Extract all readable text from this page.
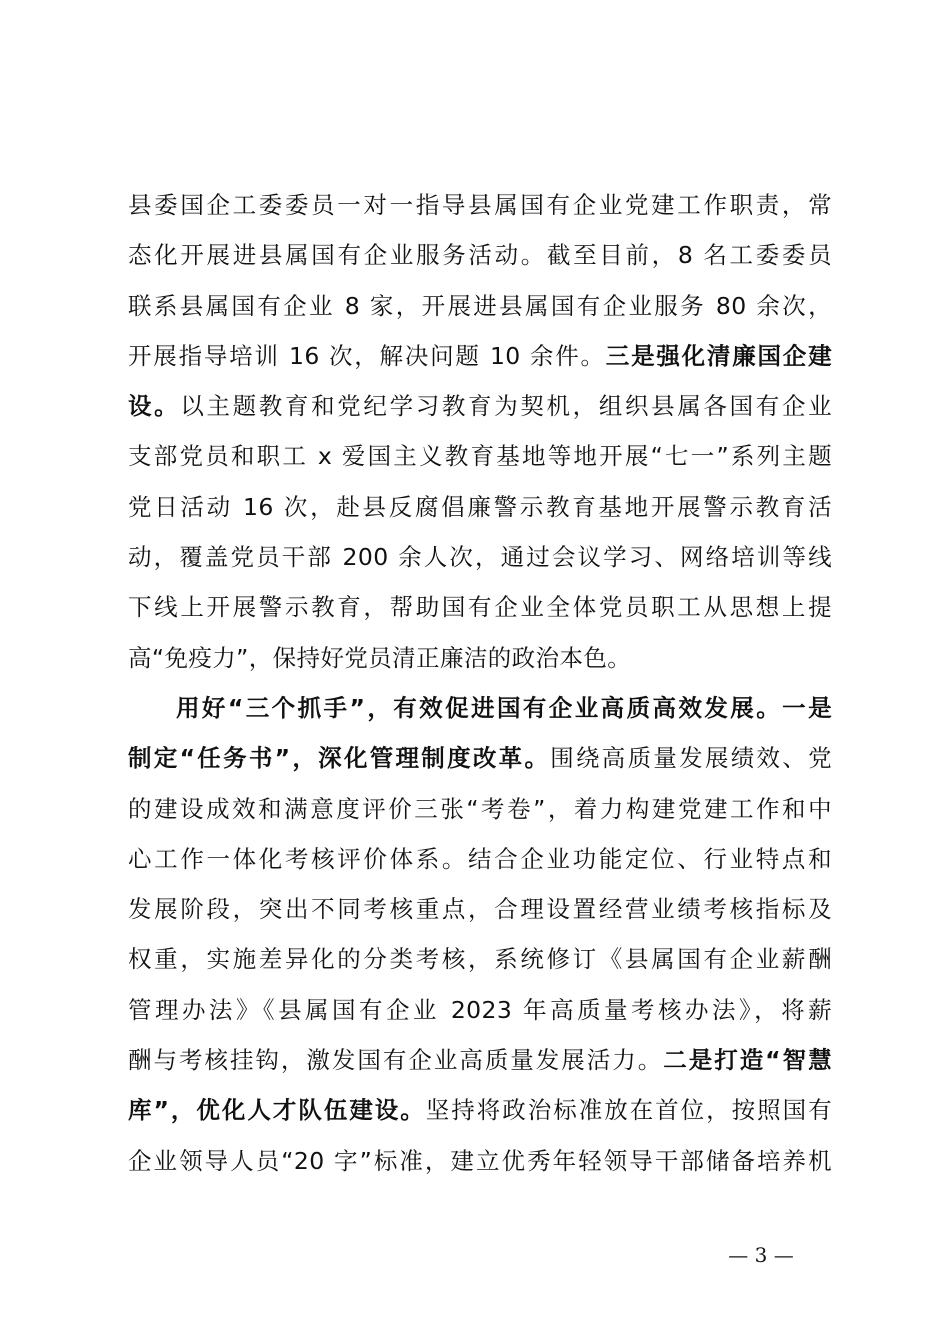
县委国企工委委员一对一指导县属国有企业党建工作职责，常
态化开展进县属国有企业服务活动。截至目前，8 名工委委员
联系县属国有企业 8 家，开展进县属国有企业服务 80 余次，
开展指导培训 16 次，解决问题 10 余件。三是强化清廉国企建
设。以主题教育和党纪学习教育为契机，组织县属各国有企业
支部党员和职工 x 爱国主义教育基地等地开展“七一”系列主题
党日活动 16 次，赴县反腐倡廉警示教育基地开展警示教育活
动，覆盖党员干部 200 余人次，通过会议学习、网络培训等线
下线上开展警示教育，帮助国有企业全体党员职工从思想上提
高“免疫力”，保持好党员清正廉洁的政治本色。
用好“三个抓手”，有效促进国有企业高质高效发展。一是
制定“任务书”，深化管理制度改革。围绕高质量发展绩效、党
的建设成效和满意度评价三张“考卷”，着力构建党建工作和中
心工作一体化考核评价体系。结合企业功能定位、行业特点和
发展阶段，突出不同考核重点，合理设置经营业绩考核指标及
权重，实施差异化的分类考核，系统修订《县属国有企业薪酬
管理办法》《县属国有企业 2023 年高质量考核办法》，将薪
酬与考核挂钩，激发国有企业高质量发展活力。二是打造“智慧
库”，优化人才队伍建设。坚持将政治标准放在首位，按照国有
企业领导人员“20 字”标准，建立优秀年轻领导干部储备培养机
— 3 —
